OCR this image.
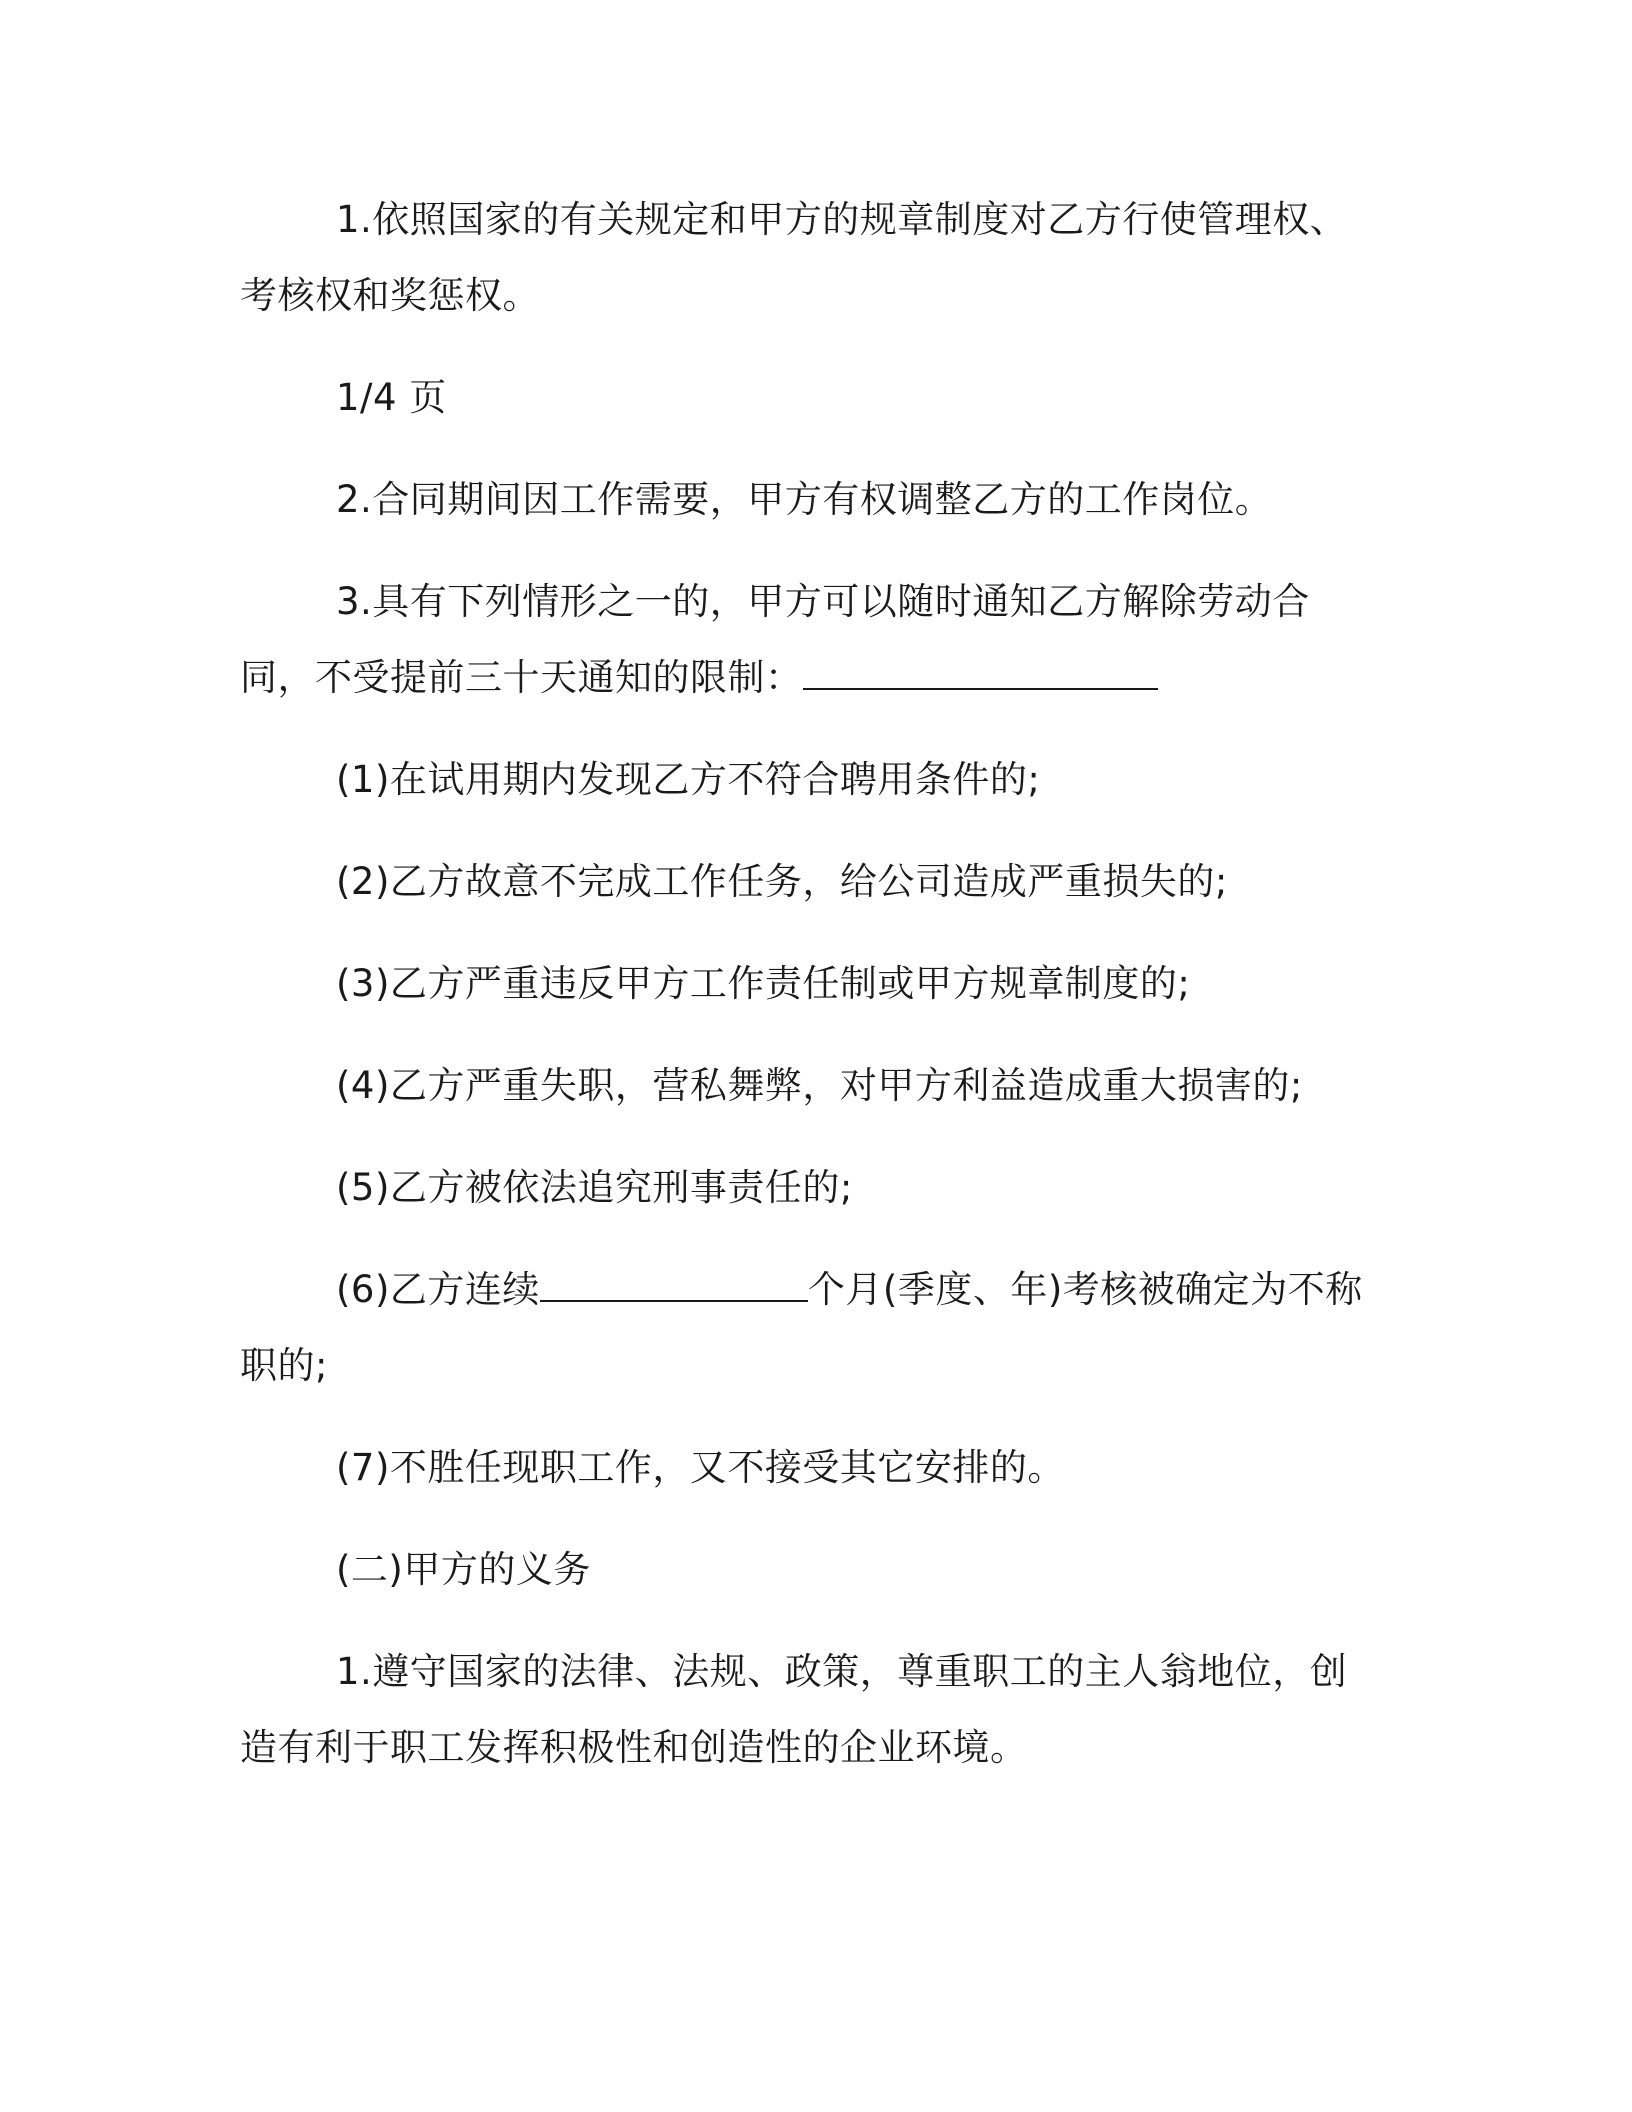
1.依照国家的有关规定和甲方的规章制度对乙方行使管理权、考核权和奖惩权。

1/4 页

2.合同期间因工作需要，甲方有权调整乙方的工作岗位。

3.具有下列情形之一的，甲方可以随时通知乙方解除劳动合同，不受提前三十天通知的限制：

(1)在试用期内发现乙方不符合聘用条件的;

(2)乙方故意不完成工作任务，给公司造成严重损失的;

(3)乙方严重违反甲方工作责任制或甲方规章制度的;

(4)乙方严重失职，营私舞弊，对甲方利益造成重大损害的;

(5)乙方被依法追究刑事责任的;

(6)乙方连续	个月(季度、年)考核被确定为不称职的;

(7)不胜任现职工作，又不接受其它安排的。

(二)甲方的义务

1.遵守国家的法律、法规、政策，尊重职工的主人翁地位，创造有利于职工发挥积极性和创造性的企业环境。
